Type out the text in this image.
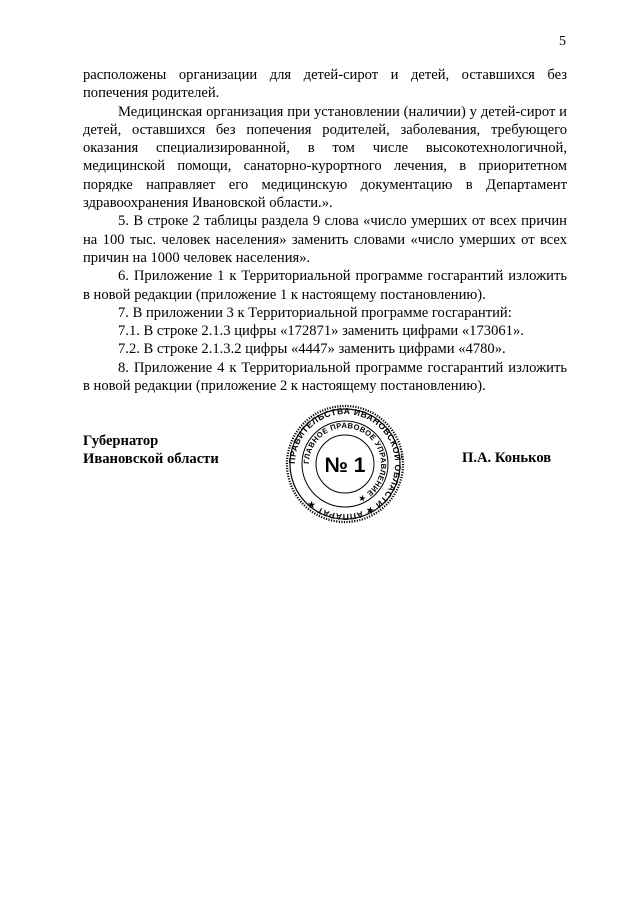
5

расположены организации для детей-сирот и детей, оставшихся без попечения родителей.

Медицинская организация при установлении (наличии) у детей-сирот и детей, оставшихся без попечения родителей, заболевания, требующего оказания специализированной, в том числе высокотехнологичной, медицинской помощи, санаторно-курортного лечения, в приоритетном порядке направляет его медицинскую документацию в Департамент здравоохранения Ивановской области.».

5. В строке 2 таблицы раздела 9 слова «число умерших от всех причин на 100 тыс. человек населения» заменить словами «число умерших от всех причин на 1000 человек населения».

6. Приложение 1 к Территориальной программе госгарантий изложить в новой редакции (приложение 1 к настоящему постановлению).

7. В приложении 3 к Территориальной программе госгарантий:

7.1. В строке 2.1.3 цифры «172871» заменить цифрами «173061».

7.2. В строке 2.1.3.2 цифры «4447» заменить цифрами «4780».

8. Приложение 4 к Территориальной программе госгарантий изложить в новой редакции (приложение 2 к настоящему постановлению).

Губернатор
Ивановской области	П.А. Коньков
ПРАВИТЕЛЬСТВА ИВАНОВСКОЙ ОБЛАСТИ ★ АППАРАТ ★
ГЛАВНОЕ ПРАВОВОЕ УПРАВЛЕНИЕ ★
№ 1
